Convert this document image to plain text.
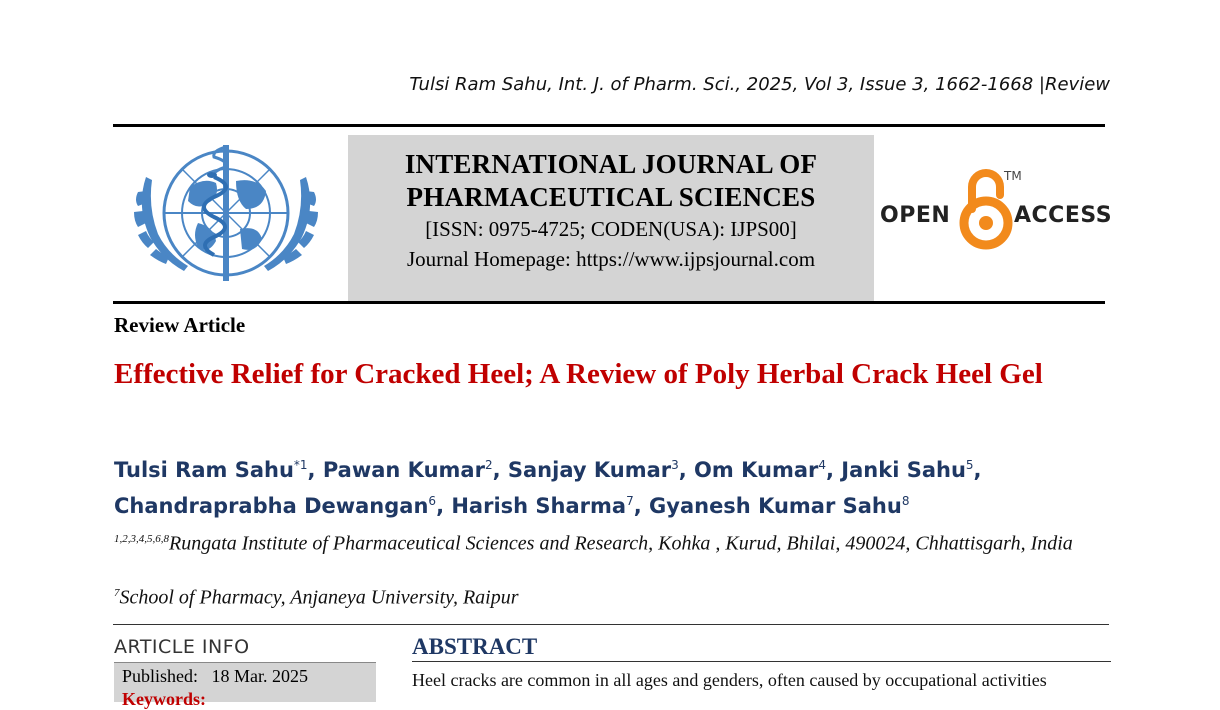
Tulsi Ram Sahu, Int. J. of Pharm. Sci., 2025, Vol 3, Issue 3, 1662-1668 |Review
INTERNATIONAL JOURNAL OF
PHARMACEUTICAL SCIENCES
[ISSN: 0975-4725; CODEN(USA): IJPS00]
Journal Homepage: https://www.ijpsjournal.com
OPEN
TM
ACCESS
Review Article
Effective Relief for Cracked Heel; A Review of Poly Herbal Crack Heel Gel
Tulsi Ram Sahu$^{*1}$, Pawan Kumar$^2$, Sanjay Kumar$^3$, Om Kumar$^4$, Janki Sahu$^5$,
Chandraprabha Dewangan$^6$, Harish Sharma$^7$, Gyanesh Kumar Sahu$^8$
$^{1,2,3,4,5,6,8}$Rungata Institute of Pharmaceutical Sciences and Research, Kohka , Kurud, Bhilai, 490024, Chhattisgarh, India
$^7$School of Pharmacy, Anjaneya University, Raipur
ARTICLE INFO
Published: 18 Mar. 2025
Keywords:
ABSTRACT
Heel cracks are common in all ages and genders, often caused by occupational activities
